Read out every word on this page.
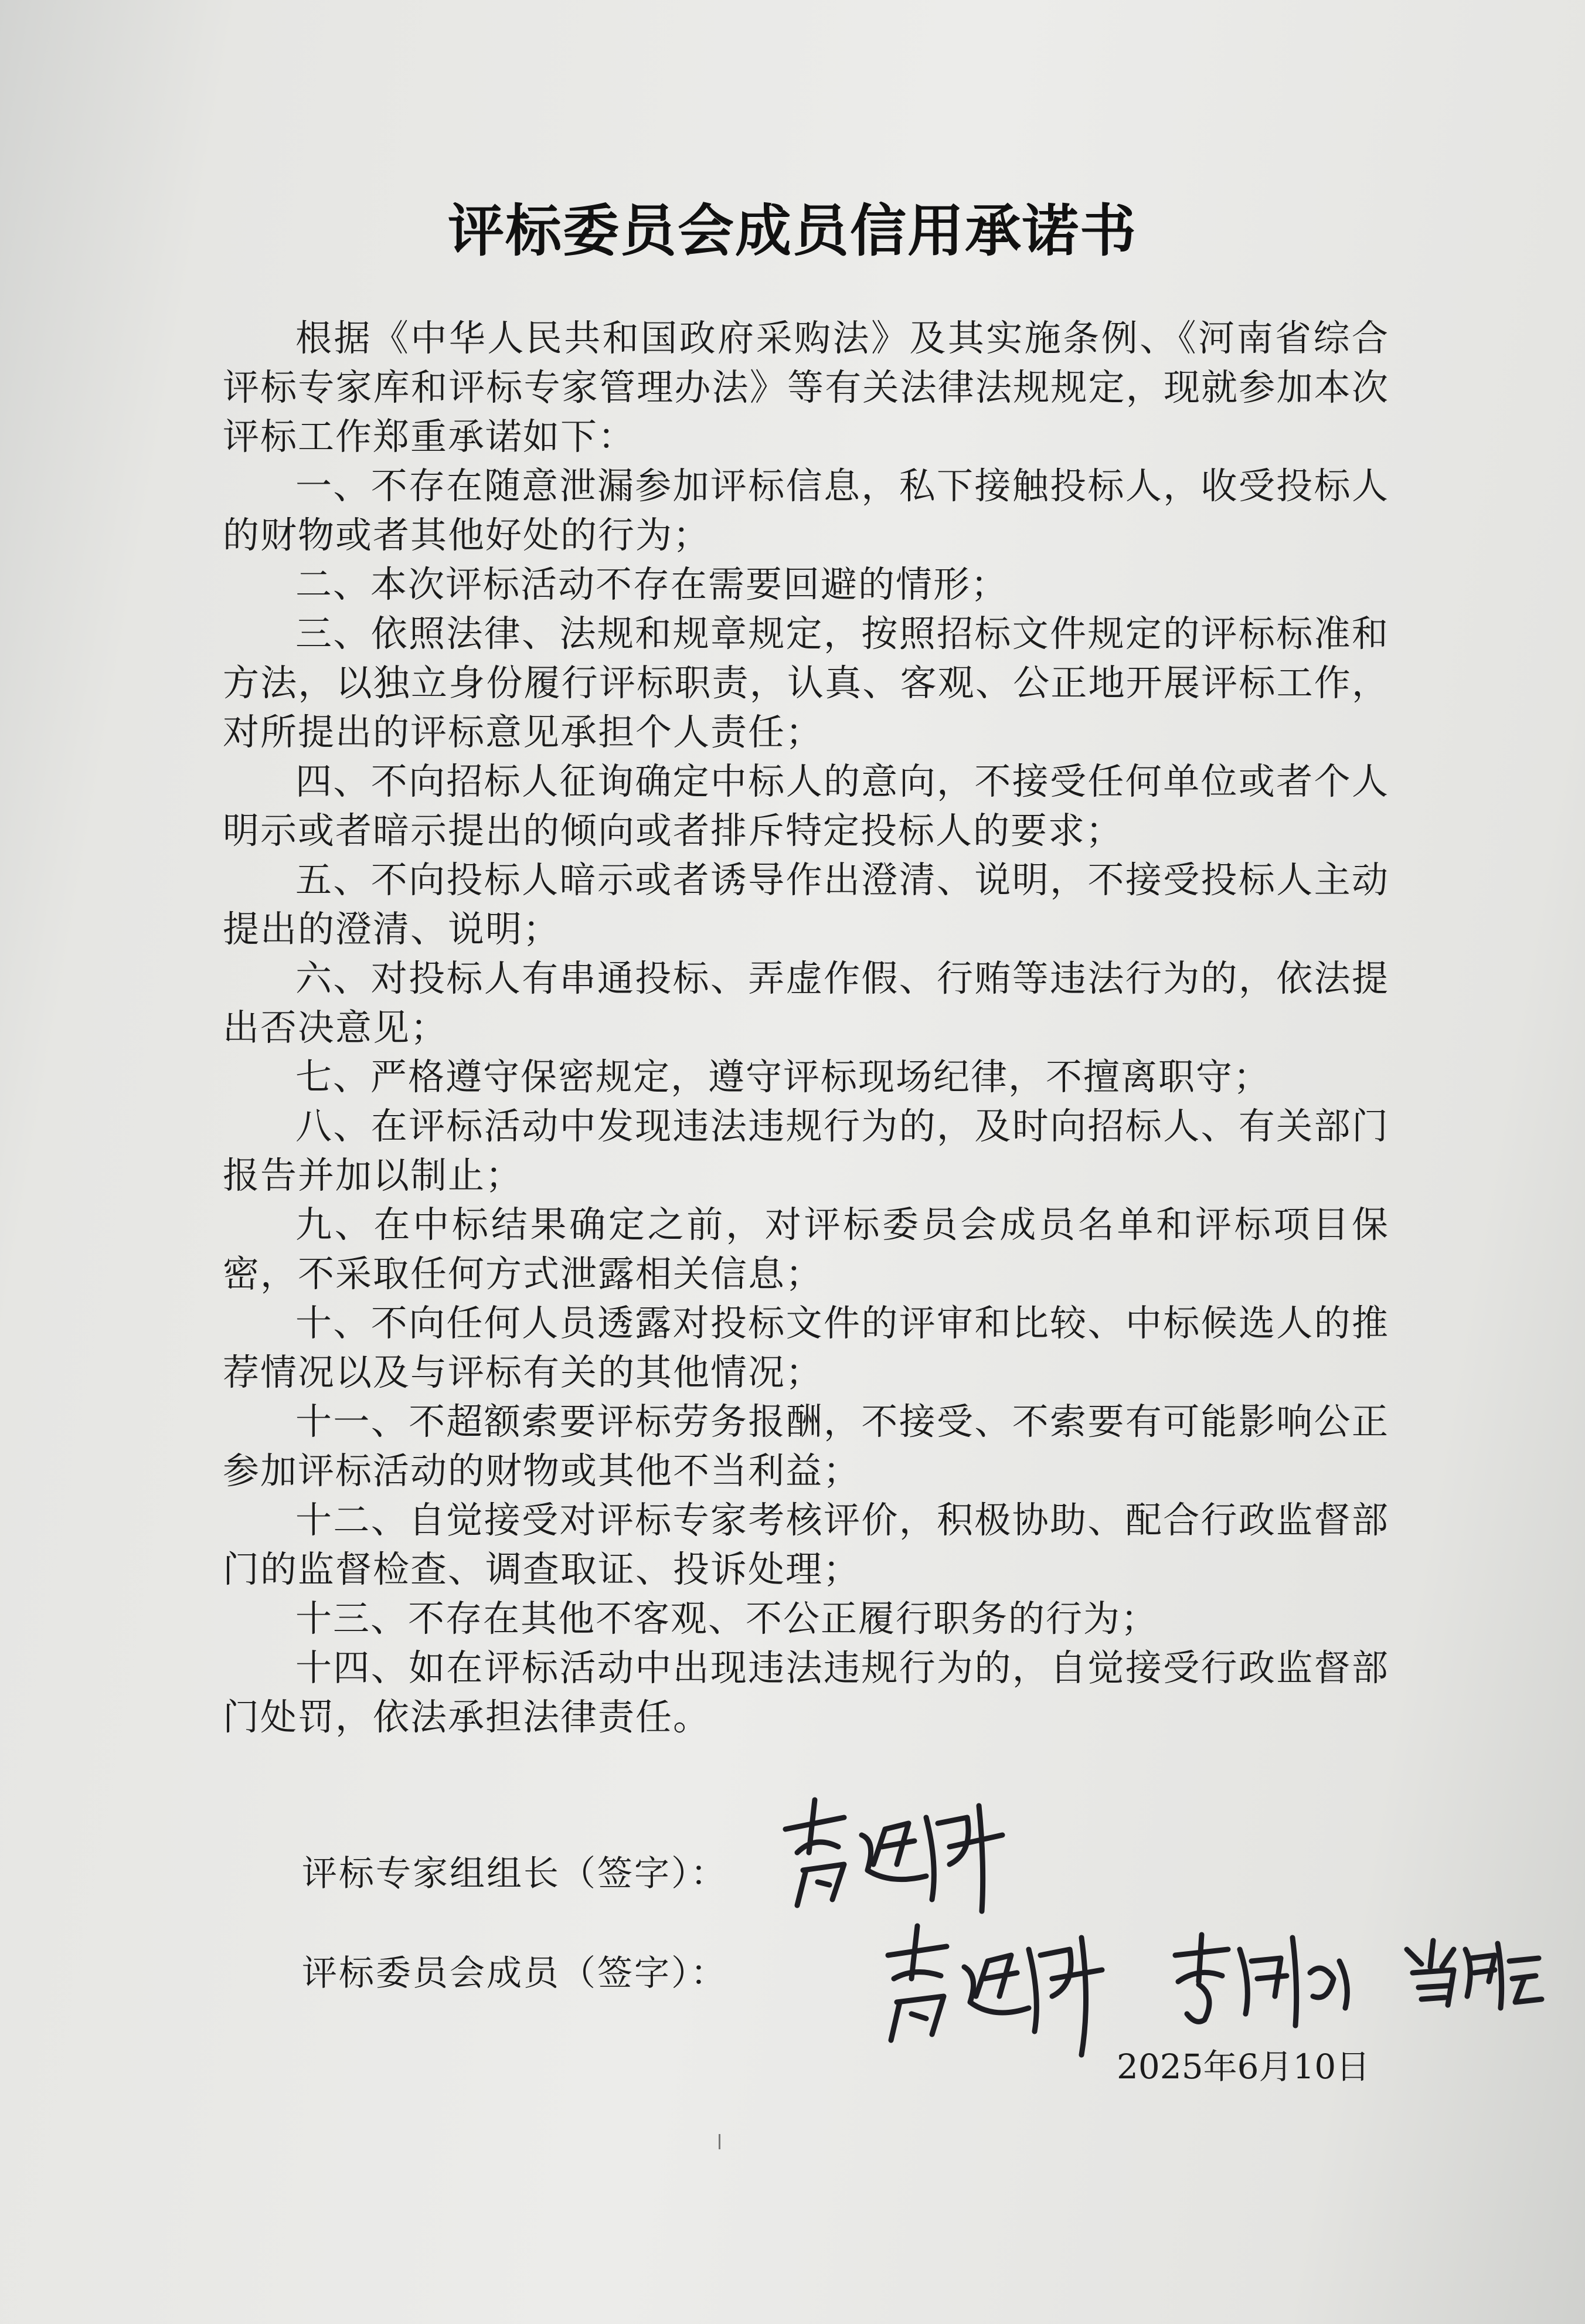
评标委员会成员信用承诺书

根据《中华人民共和国政府采购法》及其实施条例、《河南省综合评标专家库和评标专家管理办法》等有关法律法规规定，现就参加本次评标工作郑重承诺如下：

一、不存在随意泄漏参加评标信息，私下接触投标人，收受投标人的财物或者其他好处的行为；

二、本次评标活动不存在需要回避的情形；

三、依照法律、法规和规章规定，按照招标文件规定的评标标准和方法，以独立身份履行评标职责，认真、客观、公正地开展评标工作，对所提出的评标意见承担个人责任；

四、不向招标人征询确定中标人的意向，不接受任何单位或者个人明示或者暗示提出的倾向或者排斥特定投标人的要求；

五、不向投标人暗示或者诱导作出澄清、说明，不接受投标人主动提出的澄清、说明；

六、对投标人有串通投标、弄虚作假、行贿等违法行为的，依法提出否决意见；

七、严格遵守保密规定，遵守评标现场纪律，不擅离职守；

八、在评标活动中发现违法违规行为的，及时向招标人、有关部门报告并加以制止；

九、在中标结果确定之前，对评标委员会成员名单和评标项目保密，不采取任何方式泄露相关信息；

十、不向任何人员透露对投标文件的评审和比较、中标候选人的推荐情况以及与评标有关的其他情况；

十一、不超额索要评标劳务报酬，不接受、不索要有可能影响公正参加评标活动的财物或其他不当利益；

十二、自觉接受对评标专家考核评价，积极协助、配合行政监督部门的监督检查、调查取证、投诉处理；

十三、不存在其他不客观、不公正履行职务的行为；

十四、如在评标活动中出现违法违规行为的，自觉接受行政监督部门处罚，依法承担法律责任。

评标专家组组长（签字）：
评标委员会成员（签字）：
2025年6月10日
